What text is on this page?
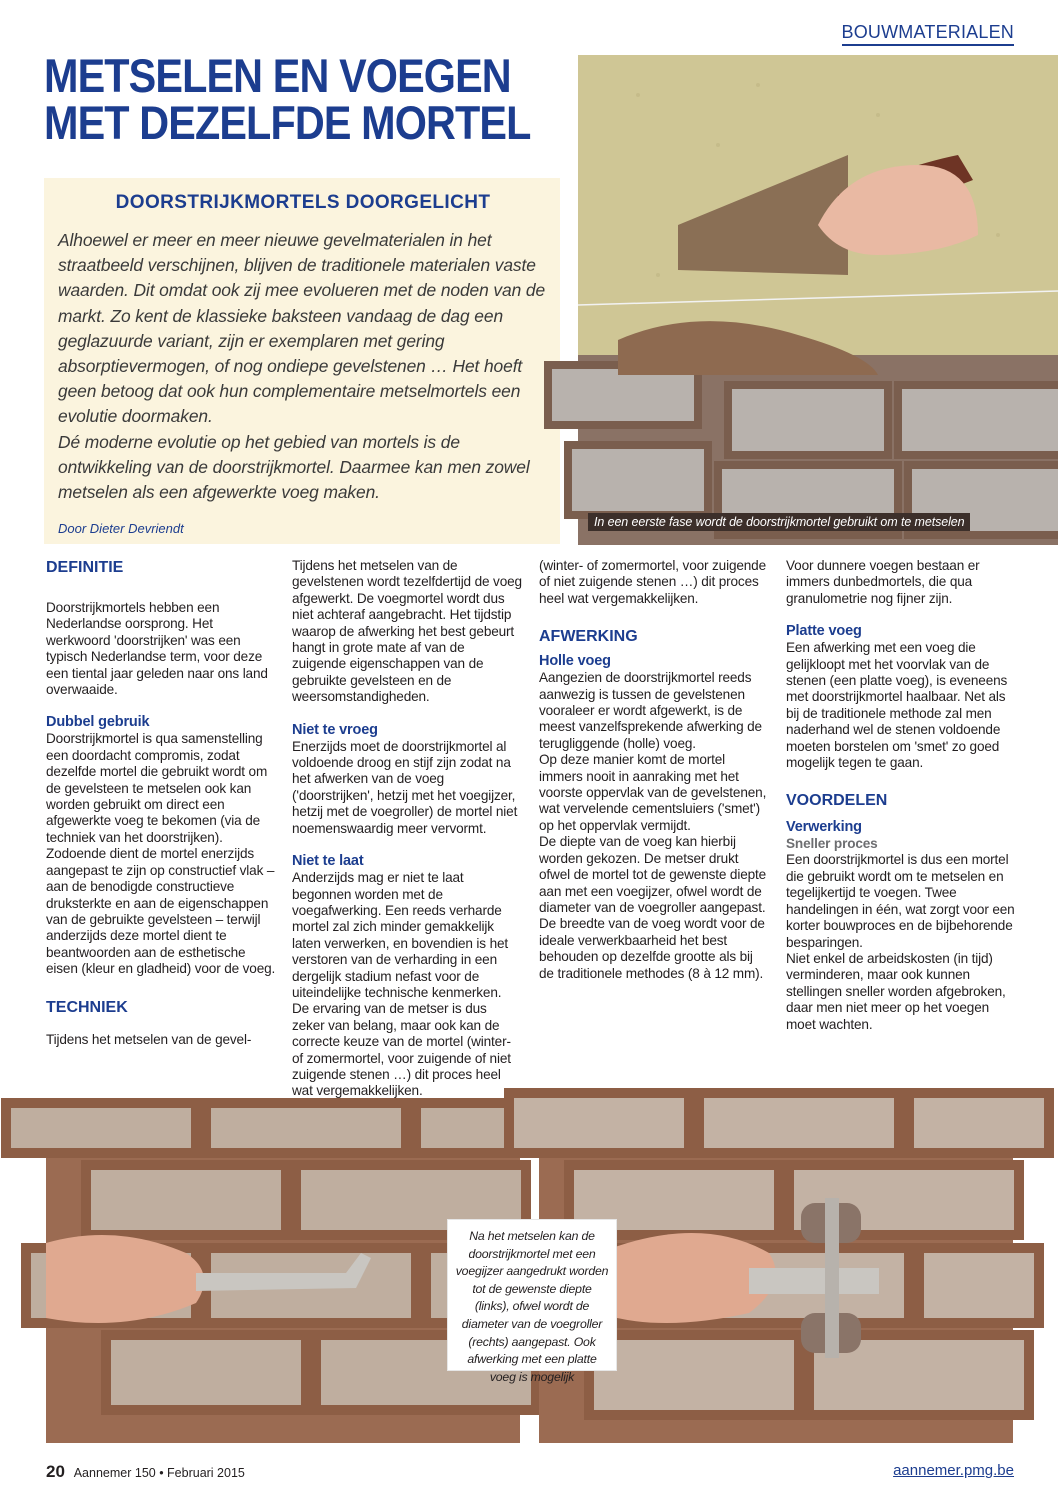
BOUWMATERIALEN
METSELEN EN VOEGEN
MET DEZELFDE MORTEL
DOORSTRIJKMORTELS DOORGELICHT
Alhoewel er meer en meer nieuwe gevelmaterialen in het straatbeeld verschijnen, blijven de traditionele materialen vaste waarden. Dit omdat ook zij mee evolueren met de noden van de markt. Zo kent de klassieke baksteen vandaag de dag een geglazuurde variant, zijn er exemplaren met gering absorptievermogen, of nog ondiepe gevelstenen … Het hoeft geen betoog dat ook hun complementaire metselmortels een evolutie doormaken.
Dé moderne evolutie op het gebied van mortels is de ontwikkeling van de doorstrijkmortel. Daarmee kan men zowel metselen als een afgewerkte voeg maken.
Door Dieter Devriendt	In een eerste fase wordt de doorstrijkmortel gebruikt om te metselen
DEFINITIE

Doorstrijkmortels hebben een Nederlandse oorsprong. Het werkwoord 'doorstrijken' was een typisch Nederlandse term, voor deze een tiental jaar geleden naar ons land overwaaide.

Dubbel gebruik

Doorstrijkmortel is qua samenstelling een doordacht compromis, zodat dezelfde mortel die gebruikt wordt om de gevelsteen te metselen ook kan worden gebruikt om direct een afgewerkte voeg te bekomen (via de techniek van het doorstrijken). Zodoende dient de mortel enerzijds aangepast te zijn op constructief vlak – aan de benodigde constructieve druksterkte en aan de eigenschappen van de gebruikte gevelsteen – terwijl anderzijds deze mortel dient te beantwoorden aan de esthetische eisen (kleur en gladheid) voor de voeg.

TECHNIEK

Tijdens het metselen van de gevel-

Tijdens het metselen van de gevelstenen wordt tezelfdertijd de voeg afgewerkt. De voegmortel wordt dus niet achteraf aangebracht. Het tijdstip waarop de afwerking het best gebeurt hangt in grote mate af van de zuigende eigenschappen van de gebruikte gevelsteen en de weersomstandigheden.

Niet te vroeg

Enerzijds moet de doorstrijkmortel al voldoende droog en stijf zijn zodat na het afwerken van de voeg ('doorstrijken', hetzij met het voegijzer, hetzij met de voegroller) de mortel niet noemenswaardig meer vervormt.

Niet te laat

Anderzijds mag er niet te laat begonnen worden met de voegafwerking. Een reeds verharde mortel zal zich minder gemakkelijk laten verwerken, en bovendien is het verstoren van de verharding in een dergelijk stadium nefast voor de uiteindelijke technische kenmerken. De ervaring van de metser is dus zeker van belang, maar ook kan de correcte keuze van de mortel (winter- of zomermortel, voor zuigende of niet zuigende stenen …) dit proces heel wat vergemakkelijken.

(winter- of zomermortel, voor zuigende of niet zuigende stenen …) dit proces heel wat vergemakkelijken.

AFWERKING
Holle voeg

Aangezien de doorstrijkmortel reeds aanwezig is tussen de gevelstenen vooraleer er wordt afgewerkt, is de meest vanzelfsprekende afwerking de terugliggende (holle) voeg.

Op deze manier komt de mortel immers nooit in aanraking met het voorste oppervlak van de gevelstenen, wat vervelende cementsluiers ('smet') op het oppervlak vermijdt.

De diepte van de voeg kan hierbij worden gekozen. De metser drukt ofwel de mortel tot de gewenste diepte aan met een voegijzer, ofwel wordt de diameter van de voegroller aangepast.

De breedte van de voeg wordt voor de ideale verwerkbaarheid het best behouden op dezelfde grootte als bij de traditionele methodes (8 à 12 mm).

Voor dunnere voegen bestaan er immers dunbedmortels, die qua granulometrie nog fijner zijn.

Platte voeg

Een afwerking met een voeg die gelijkloopt met het voorvlak van de stenen (een platte voeg), is eveneens met doorstrijkmortel haalbaar. Net als bij de traditionele methode zal men naderhand wel de stenen voldoende moeten borstelen om 'smet' zo goed mogelijk tegen te gaan.

VOORDELEN
Verwerking
Sneller proces

Een doorstrijkmortel is dus een mortel die gebruikt wordt om te metselen en tegelijkertijd te voegen. Twee handelingen in één, wat zorgt voor een korter bouwproces en de bijbehorende besparingen.

Niet enkel de arbeidskosten (in tijd) verminderen, maar ook kunnen stellingen sneller worden afgebroken, daar men niet meer op het voegen moet wachten.

Na het metselen kan de doorstrijkmortel met een voegijzer aangedrukt worden tot de gewenste diepte (links), ofwel wordt de diameter van de voegroller (rechts) aangepast. Ook afwerking met een platte voeg is mogelijk
20 Aannemer 150 • Februari 2015	aannemer.pmg.be
